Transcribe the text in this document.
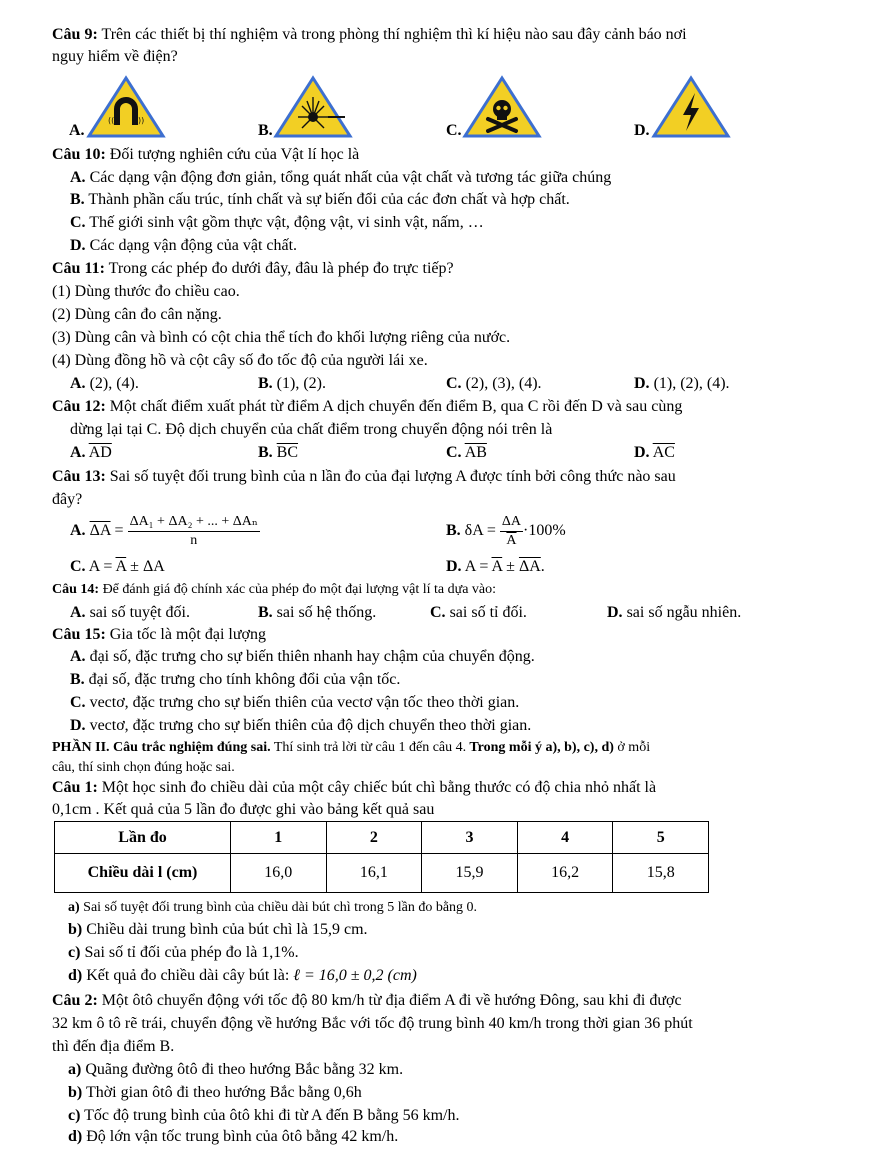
Câu 9: Trên các thiết bị thí nghiệm và trong phòng thí nghiệm thì kí hiệu nào sau đây cảnh báo nơi
nguy hiểm về điện?
A.
((	))
B.	C.	D.
Câu 10: Đối tượng nghiên cứu của Vật lí học là
A. Các dạng vận động đơn giản, tổng quát nhất của vật chất và tương tác giữa chúng
B. Thành phần cấu trúc, tính chất và sự biến đổi của các đơn chất và hợp chất.
C. Thế giới sinh vật gồm thực vật, động vật, vi sinh vật, nấm, …
D. Các dạng vận động của vật chất.
Câu 11: Trong các phép đo dưới đây, đâu là phép đo trực tiếp?
(1) Dùng thước đo chiều cao.
(2) Dùng cân đo cân nặng.
(3) Dùng cân và bình có cột chia thể tích đo khối lượng riêng của nước.
(4) Dùng đồng hồ và cột cây số đo tốc độ của người lái xe.
A. (2), (4).	B. (1), (2).	C. (2), (3), (4).	D. (1), (2), (4).
Câu 12: Một chất điểm xuất phát từ điểm A dịch chuyển đến điểm B, qua C rồi đến D và sau cùng
dừng lại tại C. Độ dịch chuyển của chất điểm trong chuyển động nói trên là
A. $\overline{AD}$	B. $\overline{BC}$	C. $\overline{AB}$	D. $\overline{AC}$
Câu 13: Sai số tuyệt đối trung bình của n lần đo của đại lượng A được tính bởi công thức nào sau
đây?
A. $\overline{\Delta A} = \frac{\text{ΔA₁ + ΔA₂ + ... + ΔAₙ}}{n}$	B. $\delta A = \frac{\Delta A}{A} \cdot 100\%$
C. $A = \overline{A} \pm \Delta A$	D. $A = \overline{A} \pm \overline{\Delta A}$.
Câu 14: Để đánh giá độ chính xác của phép đo một đại lượng vật lí ta dựa vào:
A. sai số tuyệt đối.	B. sai số hệ thống.	C. sai số tỉ đối.	D. sai số ngẫu nhiên.
Câu 15: Gia tốc là một đại lượng
A. đại số, đặc trưng cho sự biến thiên nhanh hay chậm của chuyển động.
B. đại số, đặc trưng cho tính không đổi của vận tốc.
C. vectơ, đặc trưng cho sự biến thiên của vectơ vận tốc theo thời gian.
D. vectơ, đặc trưng cho sự biến thiên của độ dịch chuyển theo thời gian.
PHẦN II. Câu trắc nghiệm đúng sai. Thí sinh trả lời từ câu 1 đến câu 4. Trong mỗi ý a), b), c), d) ở mỗi
câu, thí sinh chọn đúng hoặc sai.
Câu 1: Một học sinh đo chiều dài của một cây chiếc bút chì bằng thước có độ chia nhỏ nhất là
0,1cm . Kết quả của 5 lần đo được ghi vào bảng kết quả sau
Lần đo	1	2	3	4	5
Chiều dài l (cm)	16,0	16,1	15,9	16,2	15,8
a) Sai số tuyệt đối trung bình của chiều dài bút chì trong 5 lần đo bằng 0.
b) Chiều dài trung bình của bút chì là 15,9 cm.
c) Sai số tỉ đối của phép đo là 1,1%.
d) Kết quả đo chiều dài cây bút là: ℓ = 16,0 ± 0,2 (cm)
Câu 2: Một ôtô chuyển động với tốc độ 80 km/h từ địa điểm A đi về hướng Đông, sau khi đi được
32 km ô tô rẽ trái, chuyển động về hướng Bắc với tốc độ trung bình 40 km/h trong thời gian 36 phút
thì đến địa điểm B.
a) Quãng đường ôtô đi theo hướng Bắc bằng 32 km.
b) Thời gian ôtô đi theo hướng Bắc bằng 0,6h
c) Tốc độ trung bình của ôtô khi đi từ A đến B bằng 56 km/h.
d) Độ lớn vận tốc trung bình của ôtô bằng 42 km/h.
